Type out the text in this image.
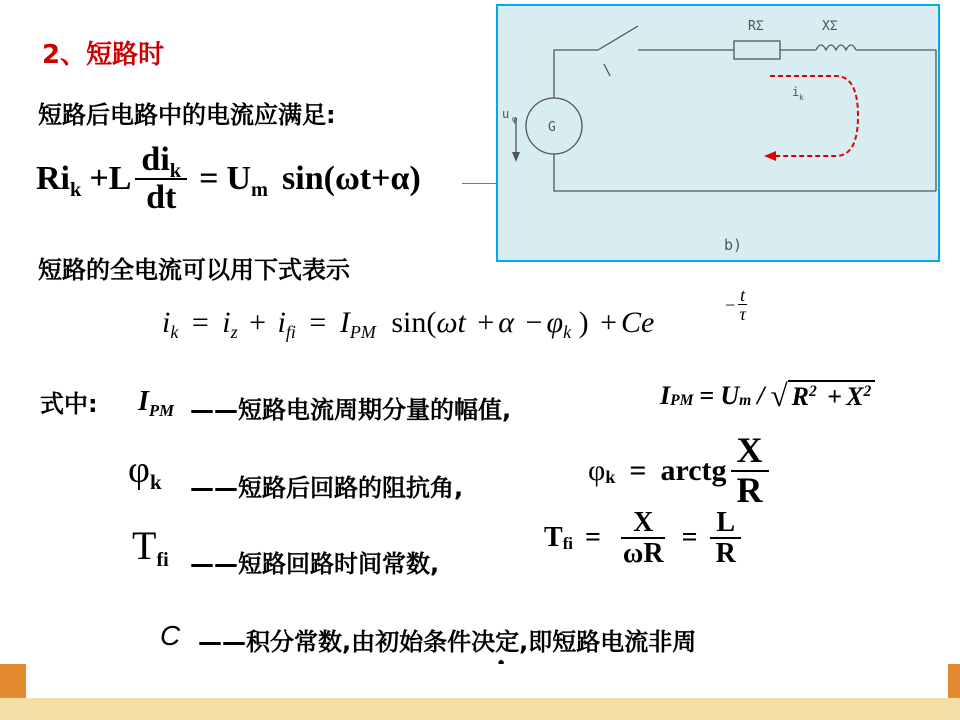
2、短路时
短路后电路中的电流应满足:
$Ri_k +L \frac{di_k}{dt} = U_m$ sin(ωt+α)
短路的全电流可以用下式表示
$i_k = i_z + i_{fi} = I_{PM}$ $\sin(\omega t + \alpha - \varphi_k$ ) + Ce
− $\frac{t}{\tau}$
式中: $I_{PM}$ ——短路电流周期分量的幅值,	I PM = U m / √ $R^2 + X^2$
φk ——短路后回路的阻抗角,
φ k = arctg $\frac{X}{R}$
Tfi ——短路回路时间常数,
T fi = $\frac{X}{\omega R} = \frac{L}{R}$
C ——积分常数,由初始条件决定,即短路电流非周
RΣ	XΣ
u φ G
i k
b)
